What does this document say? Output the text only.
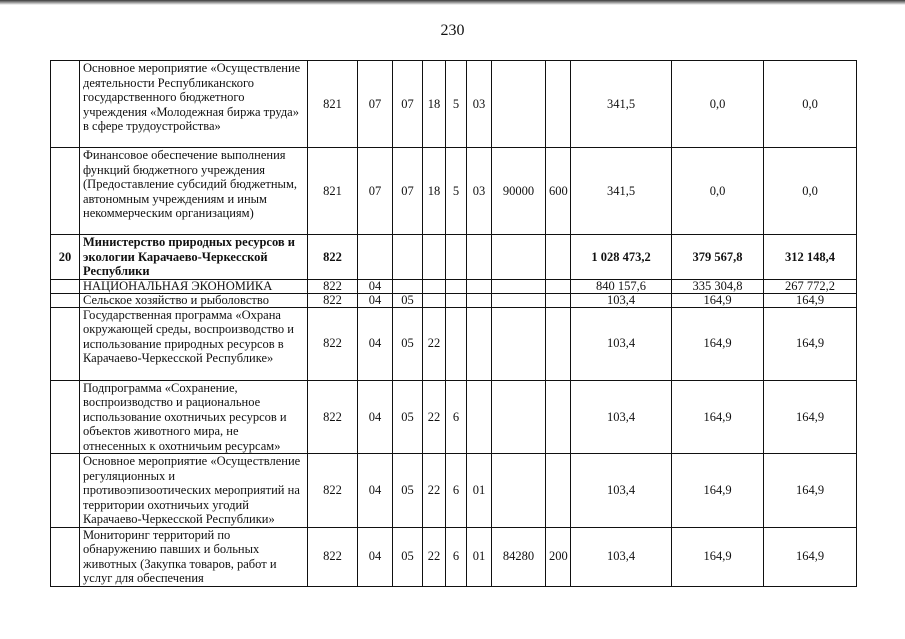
230
	Основное мероприятие «Осуществление деятельности Республиканского государственного бюджетного учреждения «Молодежная биржа труда» в сфере трудоустройства»	821	07	07	18	5	03			341,5	0,0	0,0
	Финансовое обеспечение выполнения функций бюджетного учреждения (Предоставление субсидий бюджетным, автономным учреждениям и иным некоммерческим организациям)	821	07	07	18	5	03	90000	600	341,5	0,0	0,0
20	Министерство природных ресурсов и экологии Карачаево-Черкесской Республики	822								1 028 473,2	379 567,8	312 148,4
	НАЦИОНАЛЬНАЯ ЭКОНОМИКА	822	04							840 157,6	335 304,8	267 772,2
	Сельское хозяйство и рыболовство	822	04	05						103,4	164,9	164,9
	Государственная программа «Охрана окружающей среды, воспроизводство и использование природных ресурсов в Карачаево-Черкесской Республике»	822	04	05	22					103,4	164,9	164,9
	Подпрограмма «Сохранение, воспроизводство и рациональное использование охотничьих ресурсов и объектов животного мира, не отнесенных к охотничьим ресурсам»	822	04	05	22	6				103,4	164,9	164,9
	Основное мероприятие «Осуществление регуляционных и противоэпизоотических мероприятий на территории охотничьих угодий Карачаево-Черкесской Республики»	822	04	05	22	6	01			103,4	164,9	164,9
	Мониторинг территорий по обнаружению павших и больных животных (Закупка товаров, работ и услуг для обеспечения	822	04	05	22	6	01	84280	200	103,4	164,9	164,9
